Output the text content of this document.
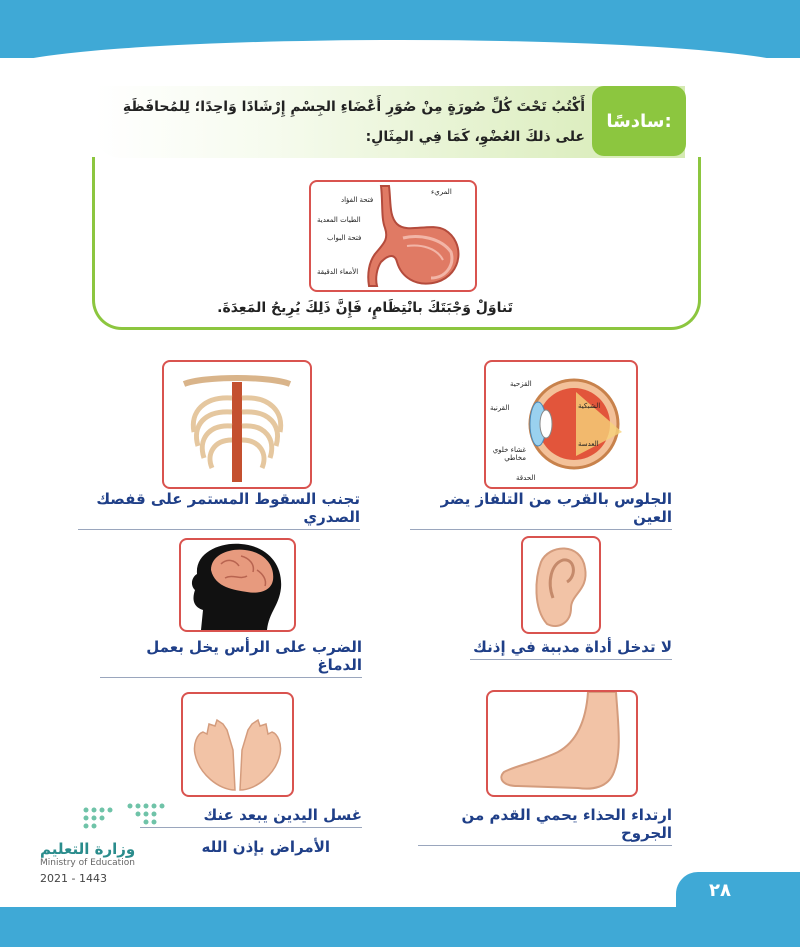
سادسًا:
أَكْتُبُ تَحْتَ كُلِّ صُورَةٍ مِنْ صُوَرِ أَعْضَاءِ الجِسْمِ إِرْشَادًا وَاحِدًا؛ لِلمُحافَظَةِ على ذلكَ العُضْوِ، كَمَا فِي المِثَالِ:
المريء
فتحة الفؤاد
الطيات المعدية
فتحة البواب
الأمعاء الدقيقة
تَناوَلْ وَجْبَتَكَ بانْتِظَامٍ، فَإِنَّ ذَلِكَ يُرِيحُ المَعِدَةَ.
القزحية
القرنية	الشبكية
العدسة
غشاء خلوي مخاطي
الحدقة
الجلوس بالقرب من التلفاز يضر العين
تجنب السقوط المستمر على قفصك الصدري
لا تدخل أداة مدببة في إذنك
الضرب على الرأس يخل بعمل الدماغ
ارتداء الحذاء يحمي القدم من الجروح
غسل اليدين يبعد عنك
الأمراض بإذن الله
وزارة التعليم
Ministry of Education
2021 - 1443
٢٨
